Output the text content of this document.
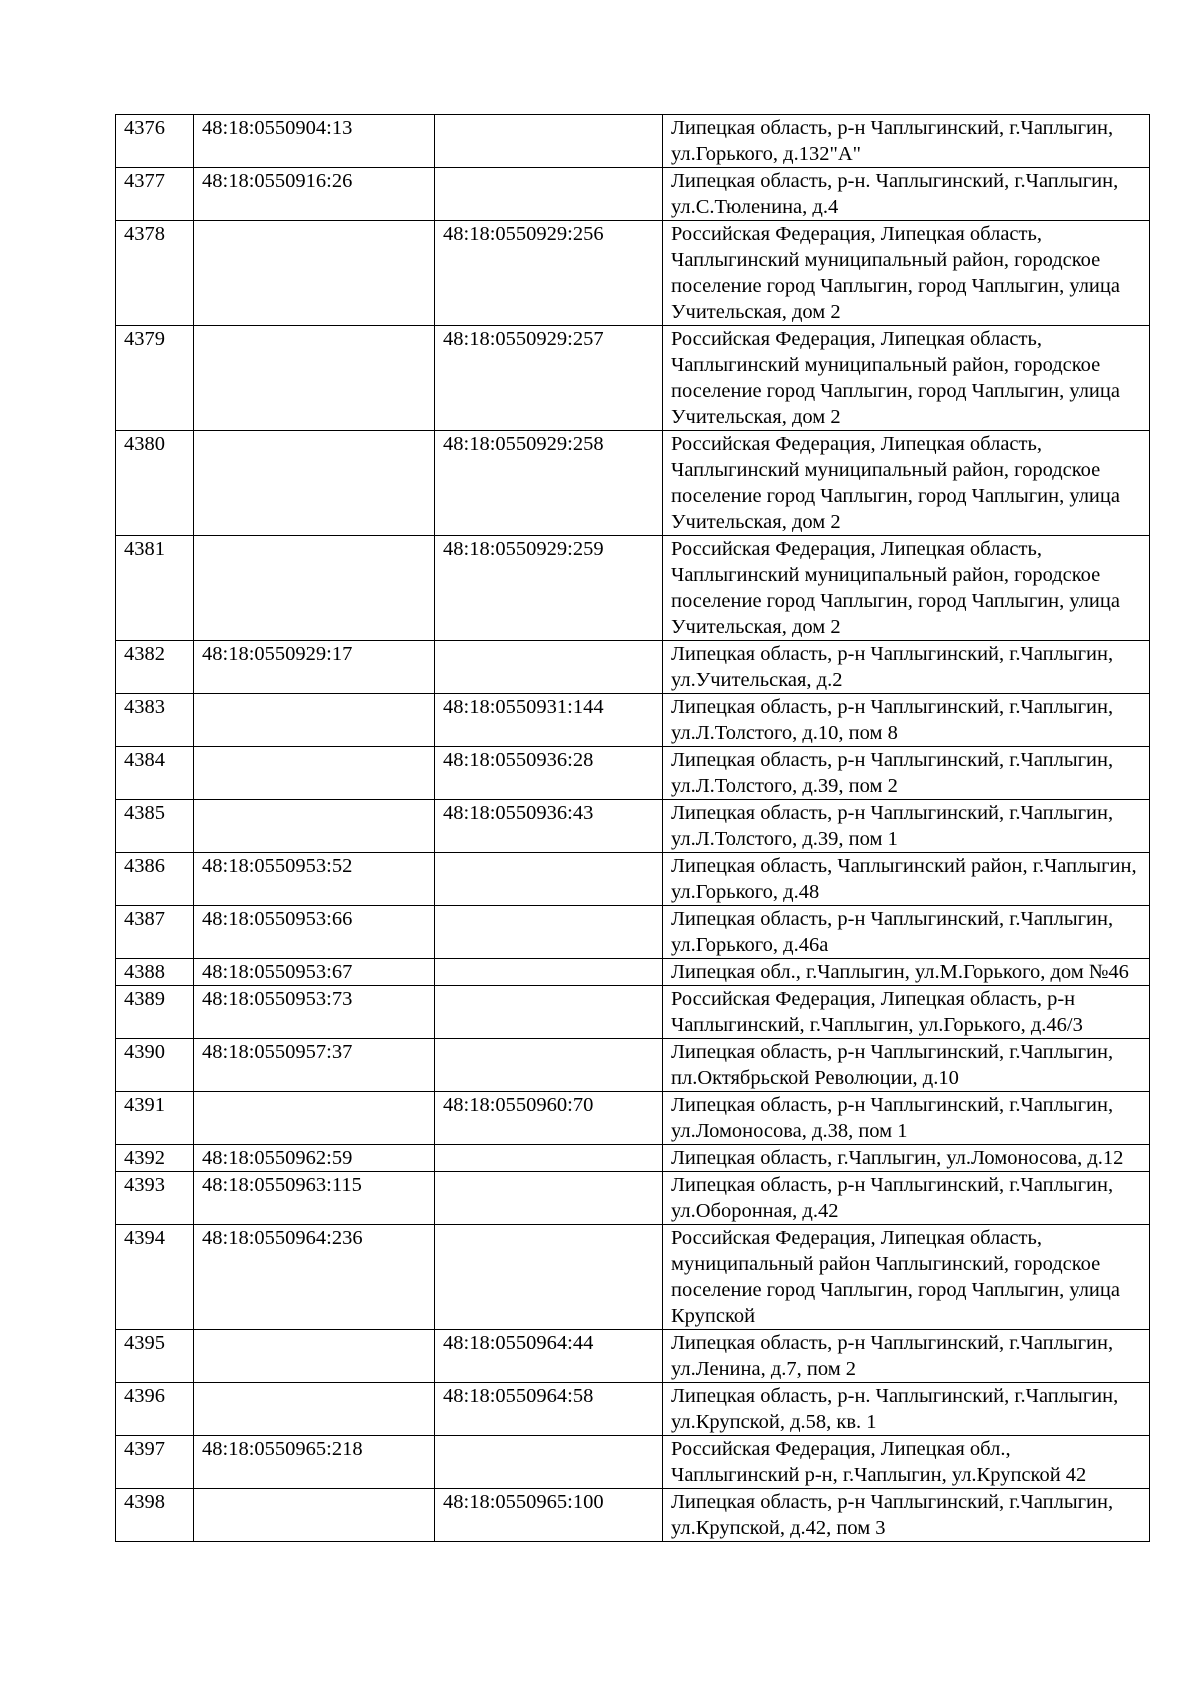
4376	48:18:0550904:13		Липецкая область, р-н Чаплыгинский, г.Чаплыгин, ул.Горького, д.132"А"
4377	48:18:0550916:26		Липецкая область, р-н. Чаплыгинский, г.Чаплыгин, ул.С.Тюленина, д.4
4378		48:18:0550929:256	Российская Федерация, Липецкая область, Чаплыгинский муниципальный район, городское поселение город Чаплыгин, город Чаплыгин, улица Учительская, дом 2
4379		48:18:0550929:257	Российская Федерация, Липецкая область, Чаплыгинский муниципальный район, городское поселение город Чаплыгин, город Чаплыгин, улица Учительская, дом 2
4380		48:18:0550929:258	Российская Федерация, Липецкая область, Чаплыгинский муниципальный район, городское поселение город Чаплыгин, город Чаплыгин, улица Учительская, дом 2
4381		48:18:0550929:259	Российская Федерация, Липецкая область, Чаплыгинский муниципальный район, городское поселение город Чаплыгин, город Чаплыгин, улица Учительская, дом 2
4382	48:18:0550929:17		Липецкая область, р-н Чаплыгинский, г.Чаплыгин, ул.Учительская, д.2
4383		48:18:0550931:144	Липецкая область, р-н Чаплыгинский, г.Чаплыгин, ул.Л.Толстого, д.10, пом 8
4384		48:18:0550936:28	Липецкая область, р-н Чаплыгинский, г.Чаплыгин, ул.Л.Толстого, д.39, пом 2
4385		48:18:0550936:43	Липецкая область, р-н Чаплыгинский, г.Чаплыгин, ул.Л.Толстого, д.39, пом 1
4386	48:18:0550953:52		Липецкая область, Чаплыгинский район, г.Чаплыгин, ул.Горького, д.48
4387	48:18:0550953:66		Липецкая область, р-н Чаплыгинский, г.Чаплыгин, ул.Горького, д.46а
4388	48:18:0550953:67		Липецкая обл., г.Чаплыгин, ул.М.Горького, дом №46
4389	48:18:0550953:73		Российская Федерация, Липецкая область, р-н Чаплыгинский, г.Чаплыгин, ул.Горького, д.46/3
4390	48:18:0550957:37		Липецкая область, р-н Чаплыгинский, г.Чаплыгин, пл.Октябрьской Революции, д.10
4391		48:18:0550960:70	Липецкая область, р-н Чаплыгинский, г.Чаплыгин, ул.Ломоносова, д.38, пом 1
4392	48:18:0550962:59		Липецкая область, г.Чаплыгин, ул.Ломоносова, д.12
4393	48:18:0550963:115		Липецкая область, р-н Чаплыгинский, г.Чаплыгин, ул.Оборонная, д.42
4394	48:18:0550964:236		Российская Федерация, Липецкая область, муниципальный район Чаплыгинский, городское поселение город Чаплыгин, город Чаплыгин, улица Крупской
4395		48:18:0550964:44	Липецкая область, р-н Чаплыгинский, г.Чаплыгин, ул.Ленина, д.7, пом 2
4396		48:18:0550964:58	Липецкая область, р-н. Чаплыгинский, г.Чаплыгин, ул.Крупской, д.58, кв. 1
4397	48:18:0550965:218		Российская Федерация, Липецкая обл., Чаплыгинский р-н, г.Чаплыгин, ул.Крупской 42
4398		48:18:0550965:100	Липецкая область, р-н Чаплыгинский, г.Чаплыгин, ул.Крупской, д.42, пом 3
